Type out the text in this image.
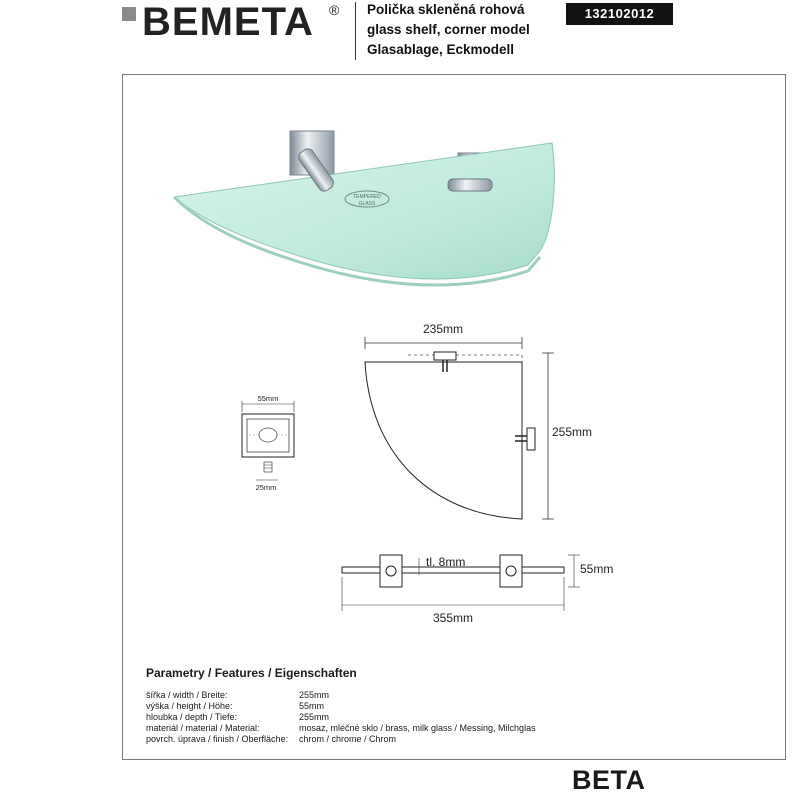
BEMETA ® Polička skleněná rohová
glass shelf, corner model
Glasablage, Eckmodell
132102012
TEMPERED
GLASS
235mm
255mm
55mm
25mm
tl. 8mm	55mm
355mm
Parametry / Features / Eigenschaften
šířka / width / Breite:	255mm
výška / height / Höhe:	55mm
hloubka / depth / Tiefe:	255mm
materiál / material / Material:	mosaz, mléčné sklo / brass, milk glass / Messing, Milchglas
povrch. úprava / finish / Oberfläche: chrom / chrome / Chrom
BETA
